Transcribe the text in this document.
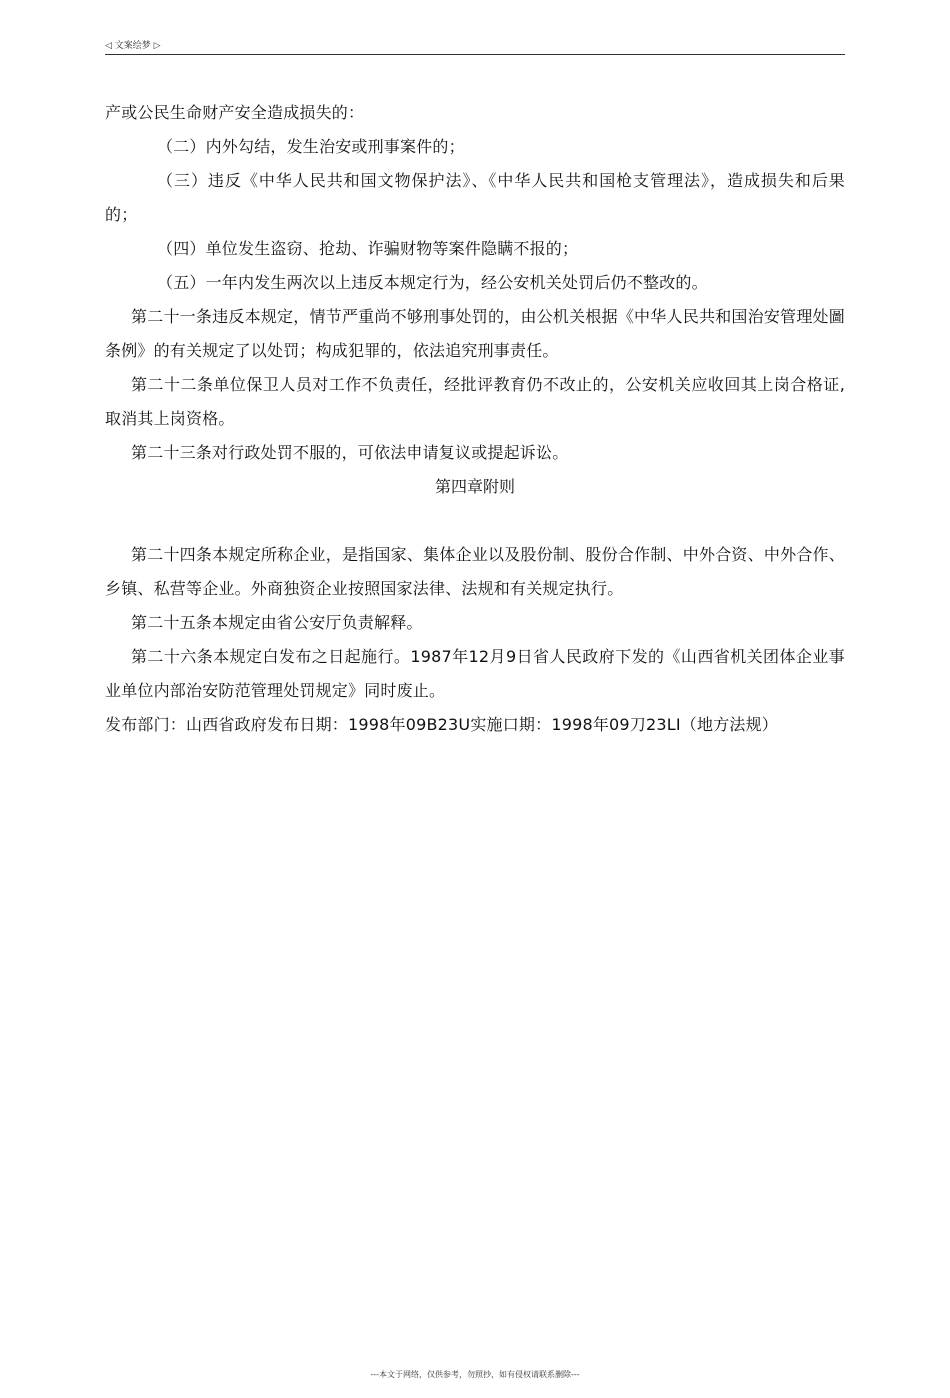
◁ 文案绘梦 ▷

产或公民生命财产安全造成损失的：

（二）内外勾结，发生治安或刑事案件的；

（三）违反《中华人民共和国文物保护法》、《中华人民共和国枪支管理法》，造成损失和后果的；

（四）单位发生盗窃、抢劫、诈骗财物等案件隐瞒不报的；

（五）一年内发生两次以上违反本规定行为，经公安机关处罚后仍不整改的。

第二十一条违反本规定，情节严重尚不够刑事处罚的，由公机关根据《中华人民共和国治安管理处圖条例》的有关规定了以处罚；构成犯罪的，依法追究刑事责任。

第二十二条单位保卫人员对工作不负责任，经批评教育仍不改止的，公安机关应收回其上岗合格证,取消其上岗资格。

第二十三条对行政处罚不服的，可依法申请复议或提起诉讼。

第四章附则

第二十四条本规定所称企业，是指国家、集体企业以及股份制、股份合作制、中外合资、中外合作、乡镇、私营等企业。外商独资企业按照国家法律、法规和有关规定执行。

第二十五条本规定由省公安厅负责解释。

第二十六条本规定白发布之日起施行。1987年12月9日省人民政府下发的《山西省机关团体企业事业单位内部治安防范管理处罚规定》同时废止。

发布部门：山西省政府发布日期：1998年09B23U实施口期：1998年09刀23LI（地方法规）

---本文于网络，仅供参考，勿照抄，如有侵权请联系删除---
